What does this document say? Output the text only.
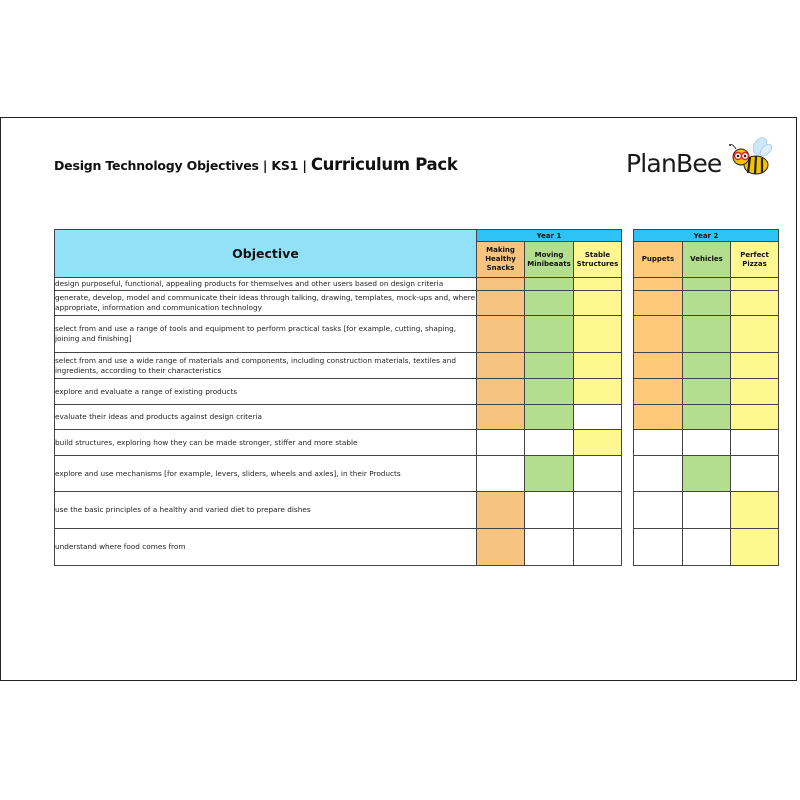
Design Technology Objectives | KS1 | Curriculum Pack	PlanBee
Objective	Year 1				Year 2		
	Making Healthy Snacks	Moving Minibeaats	Stable Structures		Puppets	Vehicles	Perfect Pizzas
design purposeful, functional, appealing products for themselves and other users based on design criteria							
generate, develop, model and communicate their ideas through talking, drawing, templates, mock-ups and, where appropriate, information and communication technology							
select from and use a range of tools and equipment to perform practical tasks [for example, cutting, shaping, joining and finishing]							
select from and use a wide range of materials and components, including construction materials, textiles and ingredients, according to their characteristics							
explore and evaluate a range of existing products							
evaluate their ideas and products against design criteria							
build structures, exploring how they can be made stronger, stiffer and more stable							
explore and use mechanisms [for example, levers, sliders, wheels and axles], in their Products							
use the basic principles of a healthy and varied diet to prepare dishes							
understand where food comes from							
